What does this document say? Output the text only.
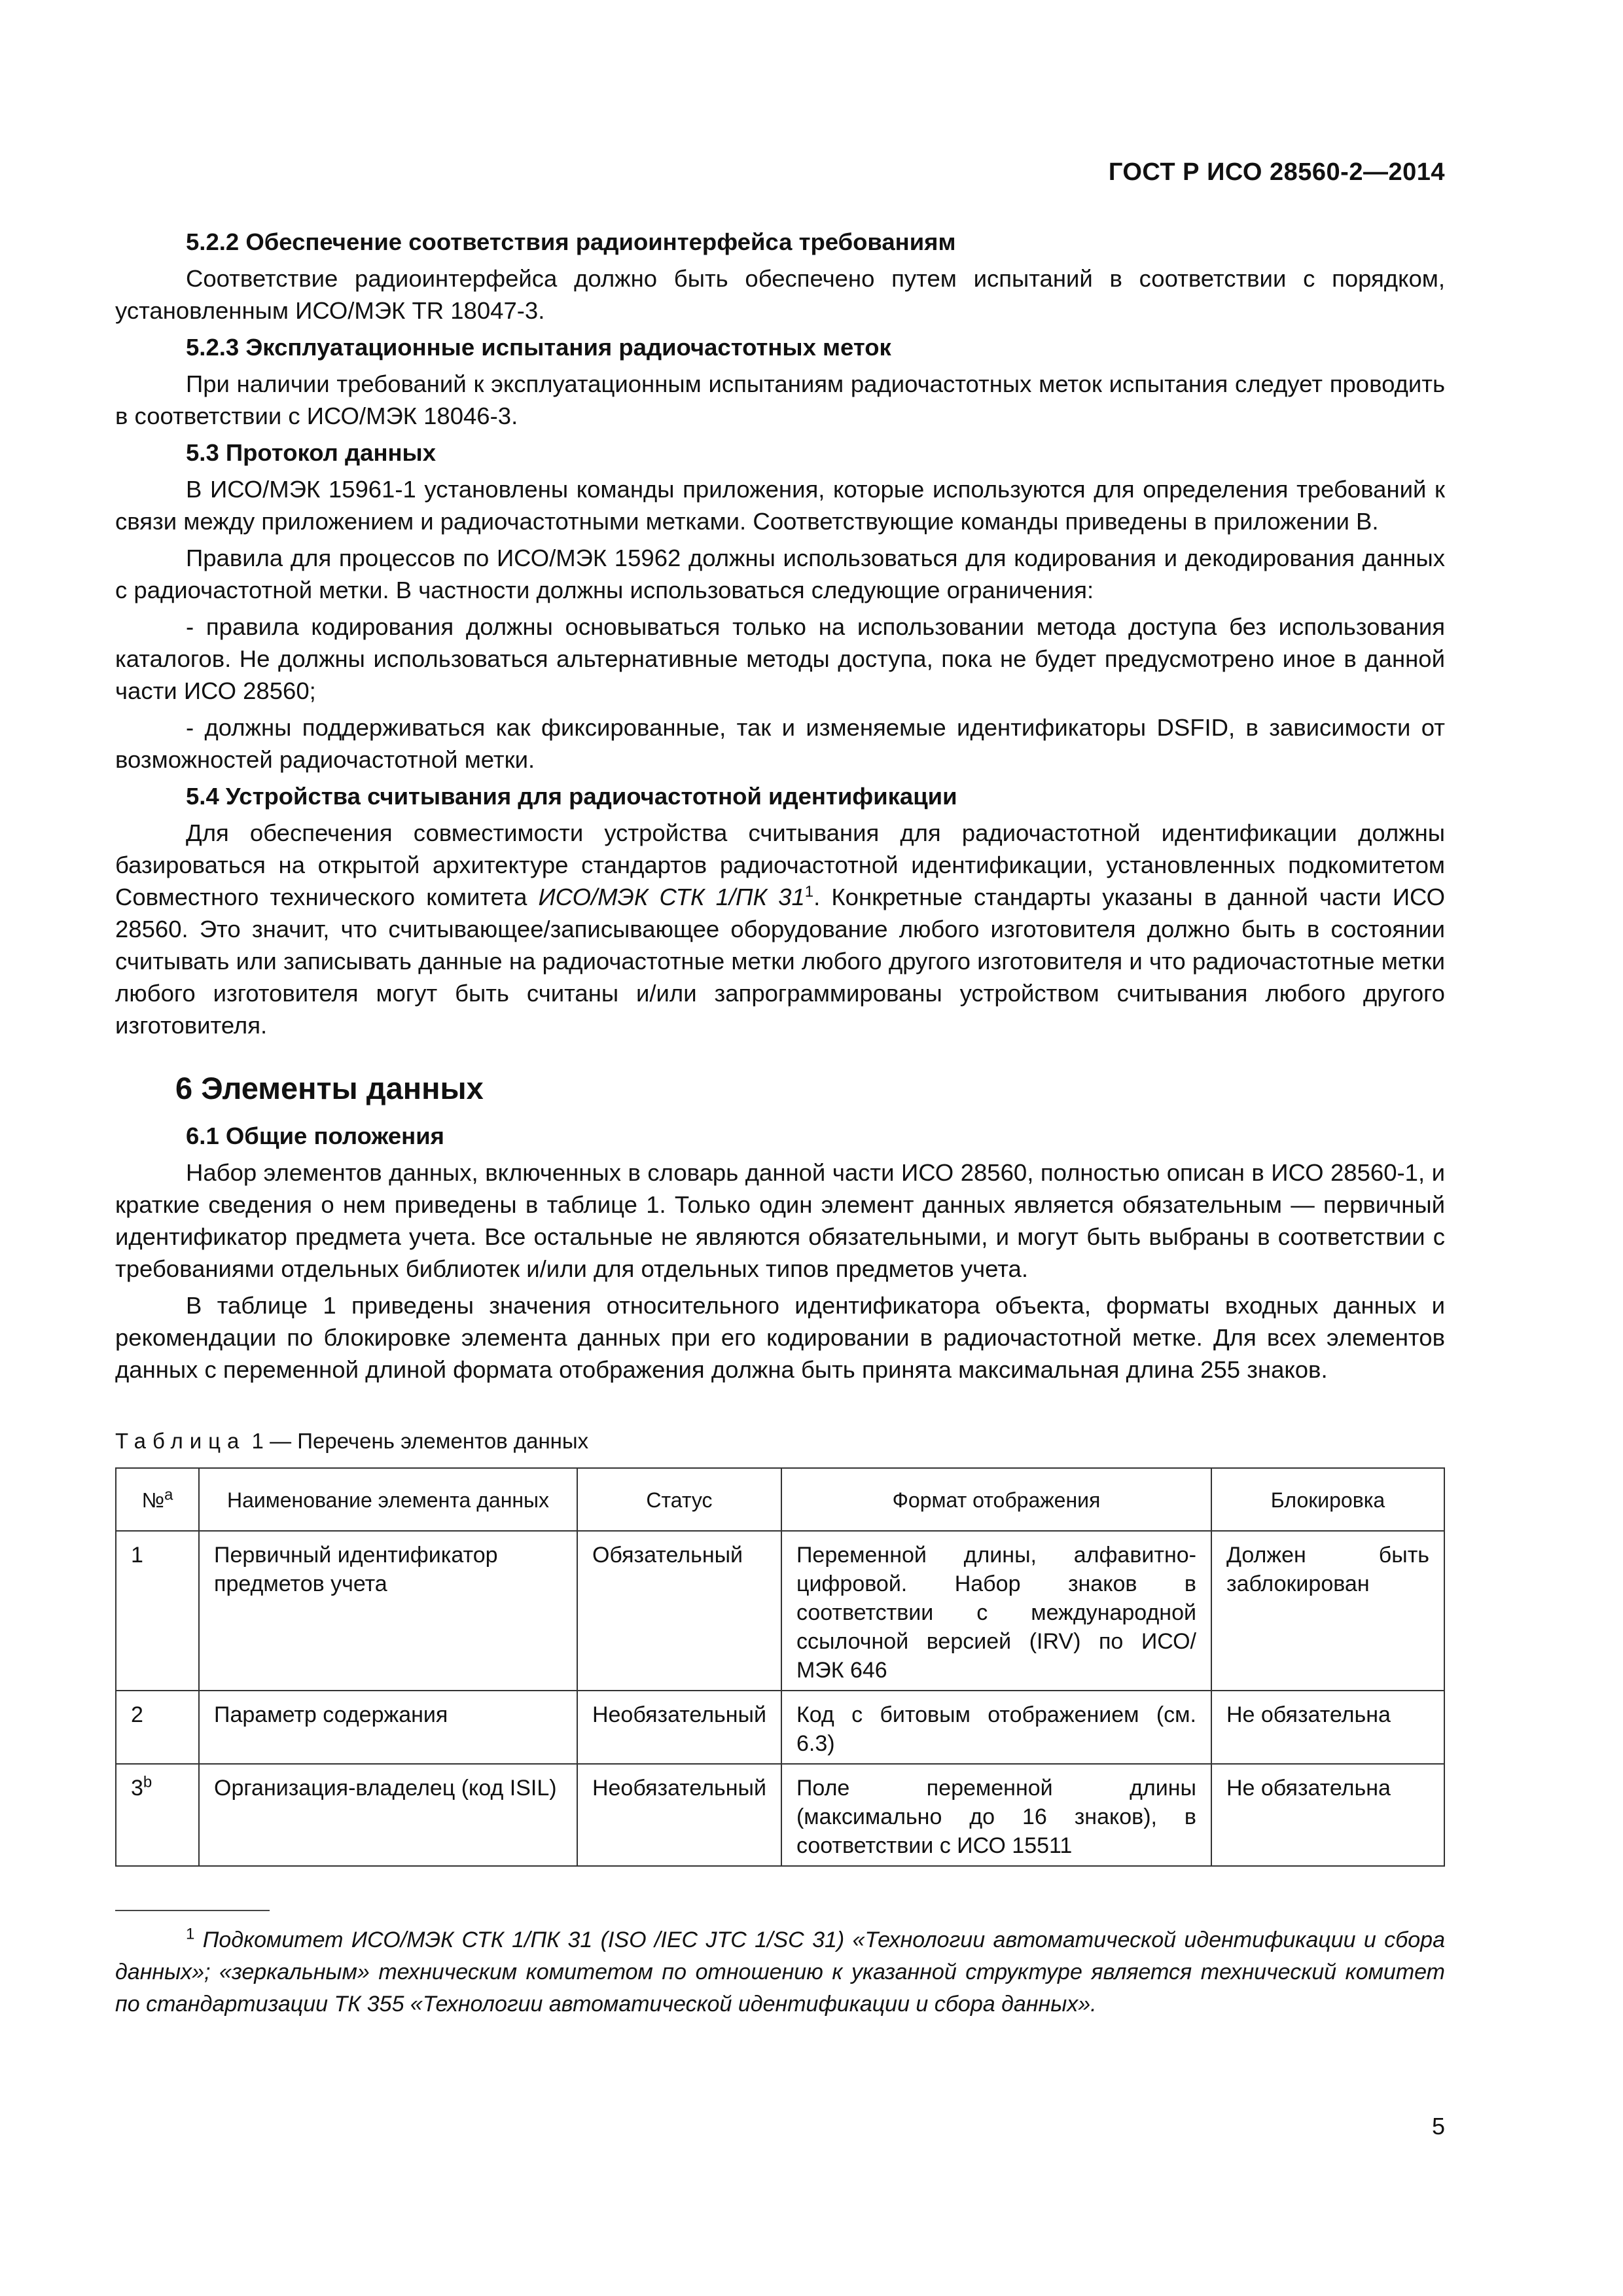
ГОСТ Р ИСО 28560-2—2014
5.2.2 Обеспечение соответствия радиоинтерфейса требованиям

Соответствие радиоинтерфейса должно быть обеспечено путем испытаний в соответствии с порядком, установленным ИСО/МЭК TR 18047-3.

5.2.3 Эксплуатационные испытания радиочастотных меток

При наличии требований к эксплуатационным испытаниям радиочастотных меток испытания следует проводить в соответствии с ИСО/МЭК 18046-3.

5.3 Протокол данных

В ИСО/МЭК 15961-1 установлены команды приложения, которые используются для определения требований к связи между приложением и радиочастотными метками. Соответствующие команды приведены в приложении В.

Правила для процессов по ИСО/МЭК 15962 должны использоваться для кодирования и декодирования данных с радиочастотной метки. В частности должны использоваться следующие ограничения:

- правила кодирования должны основываться только на использовании метода доступа без использования каталогов. Не должны использоваться альтернативные методы доступа, пока не будет предусмотрено иное в данной части ИСО 28560;

- должны поддерживаться как фиксированные, так и изменяемые идентификаторы DSFID, в зависимости от возможностей радиочастотной метки.

5.4 Устройства считывания для радиочастотной идентификации

Для обеспечения совместимости устройства считывания для радиочастотной идентификации должны базироваться на открытой архитектуре стандартов радиочастотной идентификации, установленных подкомитетом Совместного технического комитета ИСО/МЭК СТК 1/ПК $31^1$. Конкретные стандарты указаны в данной части ИСО 28560. Это значит, что считывающее/записывающее оборудование любого изготовителя должно быть в состоянии считывать или записывать данные на радиочастотные метки любого другого изготовителя и что радиочастотные метки любого изготовителя могут быть считаны и/или запрограммированы устройством считывания любого другого изготовителя.

6 Элементы данных
6.1 Общие положения

Набор элементов данных, включенных в словарь данной части ИСО 28560, полностью описан в ИСО 28560-1, и краткие сведения о нем приведены в таблице 1. Только один элемент данных является обязательным — первичный идентификатор предмета учета. Все остальные не являются обязательными, и могут быть выбраны в соответствии с требованиями отдельных библиотек и/или для отдельных типов предметов учета.

В таблице 1 приведены значения относительного идентификатора объекта, форматы входных данных и рекомендации по блокировке элемента данных при его кодировании в радиочастотной метке. Для всех элементов данных с переменной длиной формата отображения должна быть принята максимальная длина 255 знаков.

Таблица 1 — Перечень элементов данных
№$^a$	Наименование элемента данных	Статус	Формат отображения	Блокировка
1	Первичный идентификатор предметов учета	Обязательный	Переменной длины, алфавитно-цифровой. Набор знаков в соответствии с международной ссылочной версией (IRV) по ИСО/МЭК 646	Должен быть заблокирован
2	Параметр содержания	Необязательный	Код с битовым отображением (см. 6.3)	Не обязательна
3$^b$	Организация-владелец (код ISIL)	Необязательный	Поле переменной длины (максимально до 16 знаков), в соответствии с ИСО 15511	Не обязательна

$^1$ Подкомитет ИСО/МЭК СТК 1/ПК 31 (ISO /IEC JTC 1/SC 31) «Технологии автоматической идентификации и сбора данных»; «зеркальным» техническим комитетом по отношению к указанной структуре является технический комитет по стандартизации ТК 355 «Технологии автоматической идентификации и сбора данных».

5
